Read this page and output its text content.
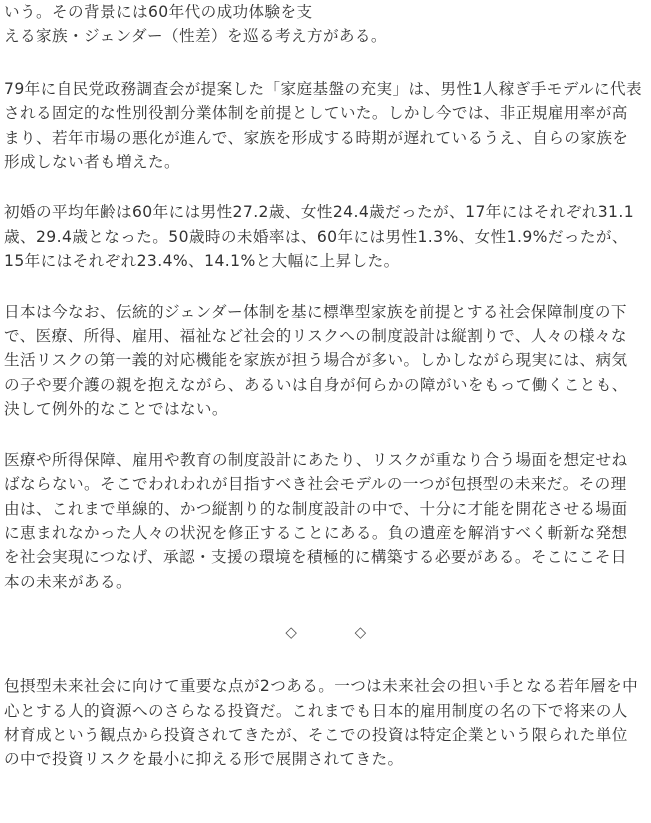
いう。その背景には60年代の成功体験を支
える家族・ジェンダー（性差）を巡る考え方がある。

79年に自民党政務調査会が提案した「家庭基盤の充実」は、男性1人稼ぎ手モデルに代表
される固定的な性別役割分業体制を前提としていた。しかし今では、非正規雇用率が高
まり、若年市場の悪化が進んで、家族を形成する時期が遅れているうえ、自らの家族を
形成しない者も増えた。

初婚の平均年齢は60年には男性27.2歳、女性24.4歳だったが、17年にはそれぞれ31.1
歳、29.4歳となった。50歳時の未婚率は、60年には男性1.3%、女性1.9%だったが、
15年にはそれぞれ23.4%、14.1%と大幅に上昇した。

日本は今なお、伝統的ジェンダー体制を基に標準型家族を前提とする社会保障制度の下
で、医療、所得、雇用、福祉など社会的リスクへの制度設計は縦割りで、人々の様々な
生活リスクの第一義的対応機能を家族が担う場合が多い。しかしながら現実には、病気
の子や要介護の親を抱えながら、あるいは自身が何らかの障がいをもって働くことも、
決して例外的なことではない。

医療や所得保障、雇用や教育の制度設計にあたり、リスクが重なり合う場面を想定せね
ばならない。そこでわれわれが目指すべき社会モデルの一つが包摂型の未来だ。その理
由は、これまで単線的、かつ縦割り的な制度設計の中で、十分に才能を開花させる場面
に恵まれなかった人々の状況を修正することにある。負の遺産を解消すべく斬新な発想
を社会実現につなげ、承認・支援の環境を積極的に構築する必要がある。そこにこそ日
本の未来がある。

◇	◇

包摂型未来社会に向けて重要な点が2つある。一つは未来社会の担い手となる若年層を中
心とする人的資源へのさらなる投資だ。これまでも日本的雇用制度の名の下で将来の人
材育成という観点から投資されてきたが、そこでの投資は特定企業という限られた単位
の中で投資リスクを最小に抑える形で展開されてきた。
